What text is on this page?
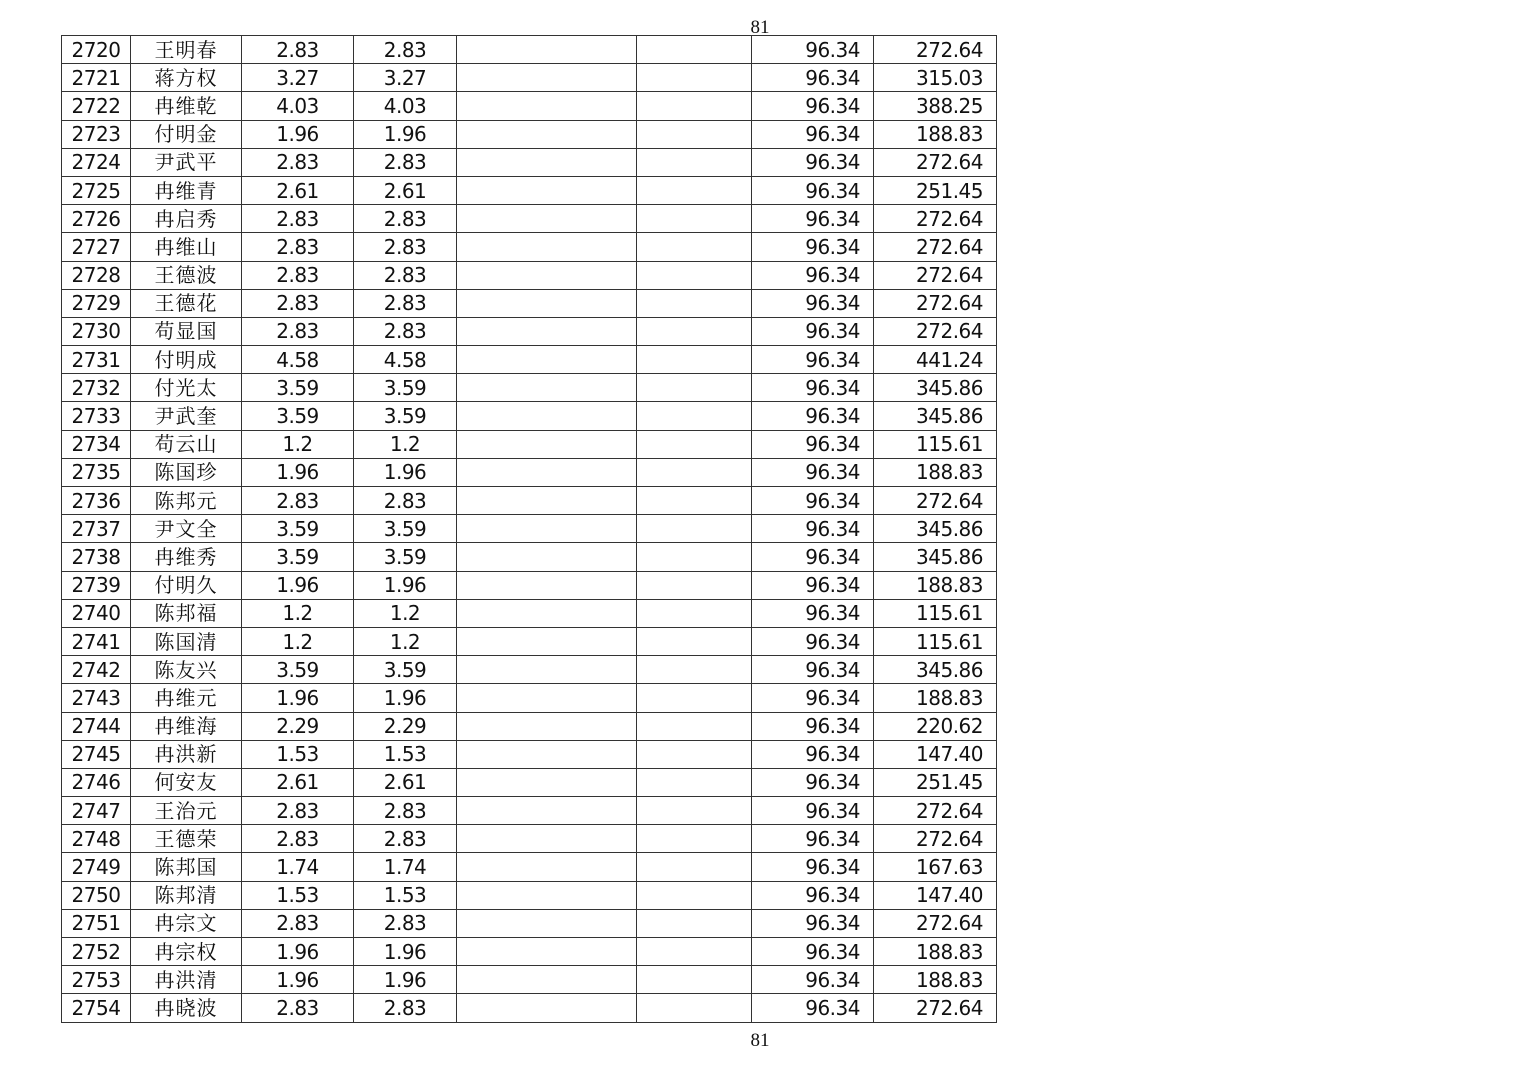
81
2720	王明春	2.83	2.83			96.34	272.64
2721	蒋方权	3.27	3.27			96.34	315.03
2722	冉维乾	4.03	4.03			96.34	388.25
2723	付明金	1.96	1.96			96.34	188.83
2724	尹武平	2.83	2.83			96.34	272.64
2725	冉维青	2.61	2.61			96.34	251.45
2726	冉启秀	2.83	2.83			96.34	272.64
2727	冉维山	2.83	2.83			96.34	272.64
2728	王德波	2.83	2.83			96.34	272.64
2729	王德花	2.83	2.83			96.34	272.64
2730	苟显国	2.83	2.83			96.34	272.64
2731	付明成	4.58	4.58			96.34	441.24
2732	付光太	3.59	3.59			96.34	345.86
2733	尹武奎	3.59	3.59			96.34	345.86
2734	苟云山	1.2	1.2			96.34	115.61
2735	陈国珍	1.96	1.96			96.34	188.83
2736	陈邦元	2.83	2.83			96.34	272.64
2737	尹文全	3.59	3.59			96.34	345.86
2738	冉维秀	3.59	3.59			96.34	345.86
2739	付明久	1.96	1.96			96.34	188.83
2740	陈邦福	1.2	1.2			96.34	115.61
2741	陈国清	1.2	1.2			96.34	115.61
2742	陈友兴	3.59	3.59			96.34	345.86
2743	冉维元	1.96	1.96			96.34	188.83
2744	冉维海	2.29	2.29			96.34	220.62
2745	冉洪新	1.53	1.53			96.34	147.40
2746	何安友	2.61	2.61			96.34	251.45
2747	王治元	2.83	2.83			96.34	272.64
2748	王德荣	2.83	2.83			96.34	272.64
2749	陈邦国	1.74	1.74			96.34	167.63
2750	陈邦清	1.53	1.53			96.34	147.40
2751	冉宗文	2.83	2.83			96.34	272.64
2752	冉宗权	1.96	1.96			96.34	188.83
2753	冉洪清	1.96	1.96			96.34	188.83
2754	冉晓波	2.83	2.83			96.34	272.64
81
